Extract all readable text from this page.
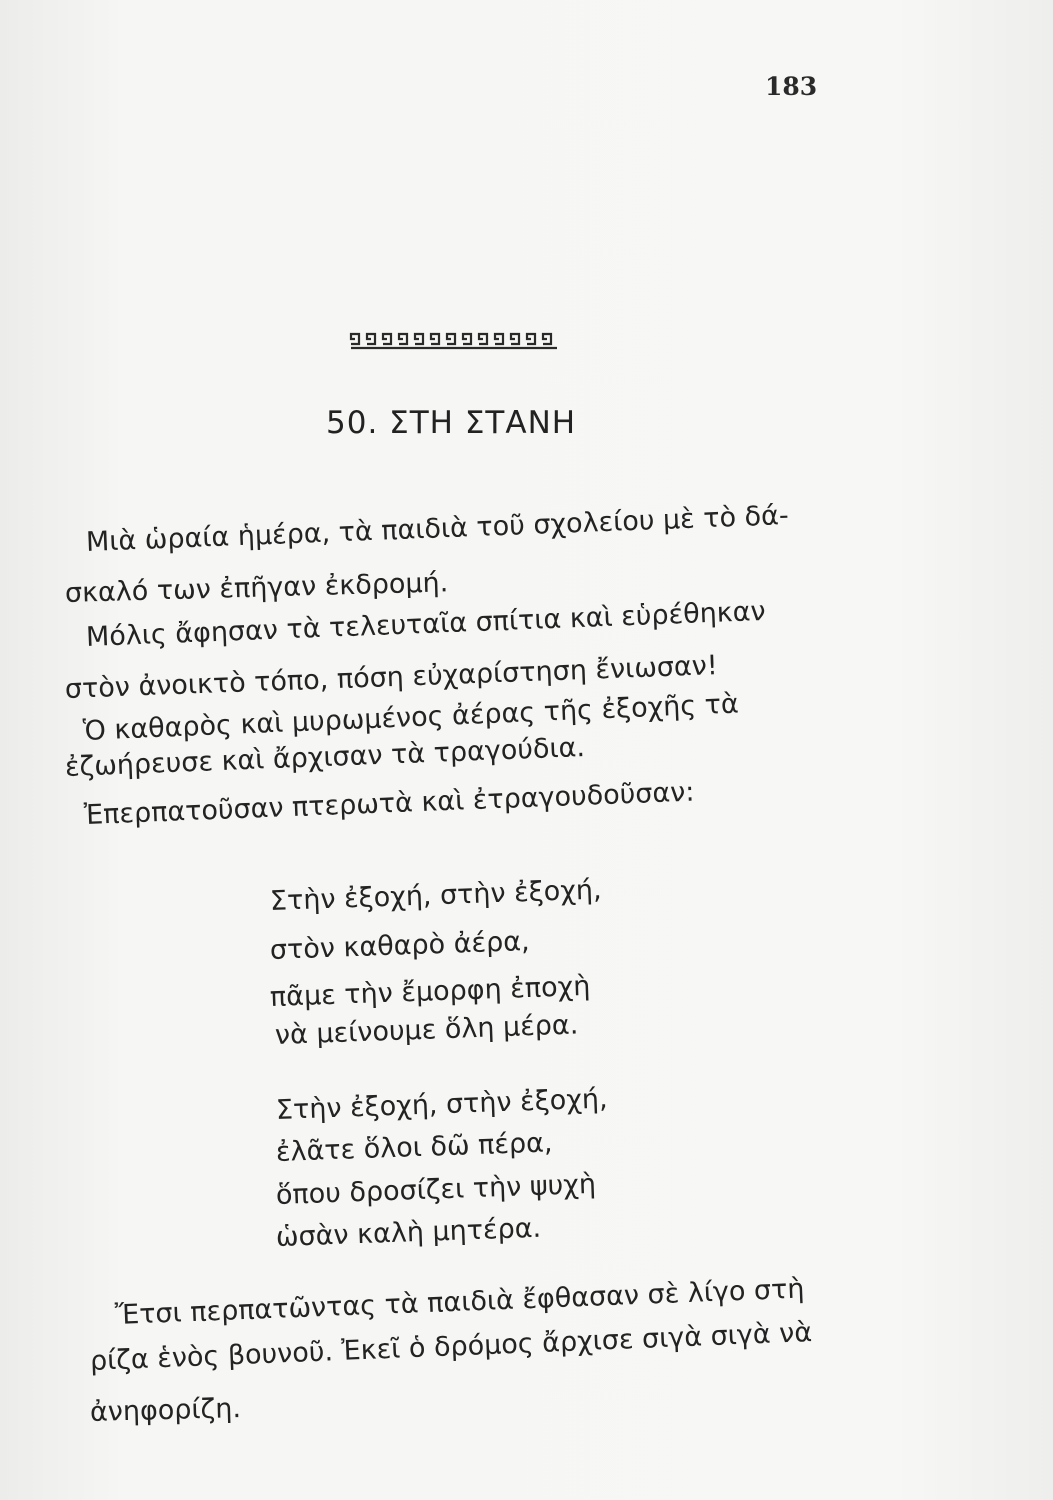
183
50. ΣΤΗ ΣΤΑΝΗ
Μιὰ ὡραία ἡμέρα, τὰ παιδιὰ τοῦ σχολείου μὲ τὸ δά-
σκαλό των ἐπῆγαν ἐκδρομή.
Μόλις ἄφησαν τὰ τελευταῖα σπίτια καὶ εὑρέθηκαν
στὸν ἀνοικτὸ τόπο, πόση εὐχαρίστηση ἔνιωσαν!
Ὁ καθαρὸς καὶ μυρωμένος ἀέρας τῆς ἐξοχῆς τὰ
ἐζωήρευσε καὶ ἄρχισαν τὰ τραγούδια.
Ἐπερπατοῦσαν πτερωτὰ καὶ ἐτραγουδοῦσαν:
Στὴν ἐξοχή, στὴν ἐξοχή,
στὸν καθαρὸ ἀέρα,
πᾶμε τὴν ἔμορφη ἐποχὴ
νὰ μείνουμε ὅλη μέρα.
Στὴν ἐξοχή, στὴν ἐξοχή,
ἐλᾶτε ὅλοι δῶ πέρα,
ὅπου δροσίζει τὴν ψυχὴ
ὡσὰν καλὴ μητέρα.
Ἔτσι περπατῶντας τὰ παιδιὰ ἔφθασαν σὲ λίγο στὴ
ρίζα ἑνὸς βουνοῦ. Ἐκεῖ ὁ δρόμος ἄρχισε σιγὰ σιγὰ νὰ
ἀνηφορίζη.
